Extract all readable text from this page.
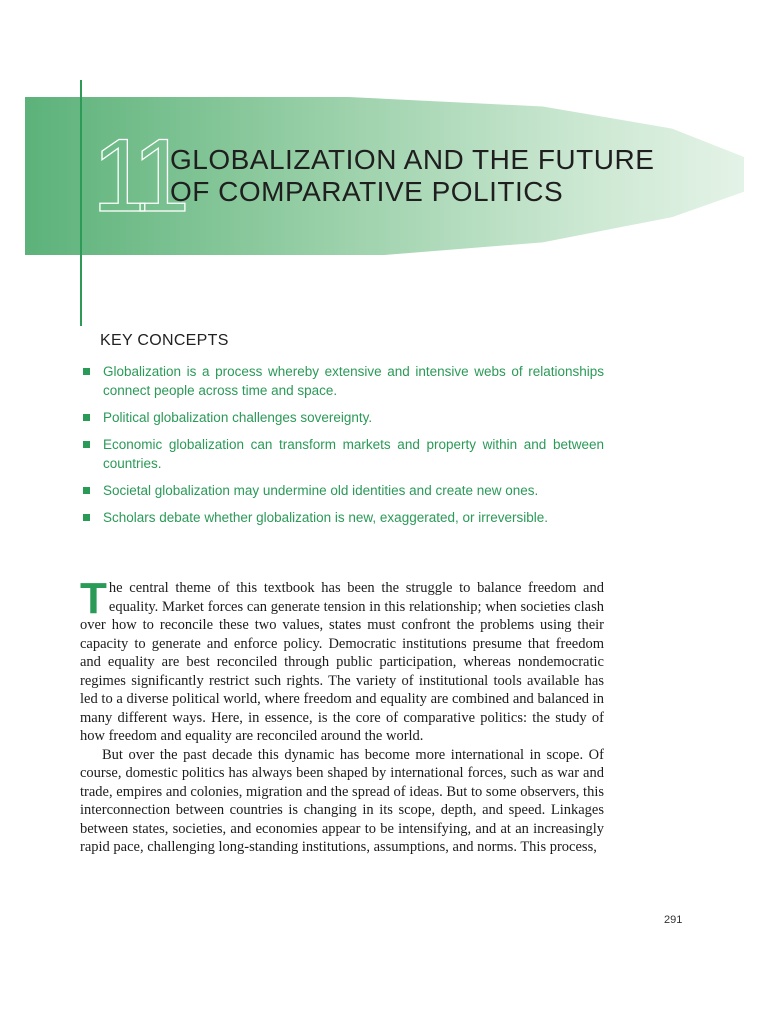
11
GLOBALIZATION AND THE FUTURE
OF COMPARATIVE POLITICS
KEY CONCEPTS
Globalization is a process whereby extensive and intensive webs of relationships connect people across time and space.
Political globalization challenges sovereignty.
Economic globalization can transform markets and property within and between countries.
Societal globalization may undermine old identities and create new ones.
Scholars debate whether globalization is new, exaggerated, or irreversible.

The central theme of this textbook has been the struggle to balance freedom and equality. Market forces can generate tension in this relationship; when societies clash over how to reconcile these two values, states must confront the problems using their capacity to generate and enforce policy. Democratic institutions presume that freedom and equality are best reconciled through public participation, whereas nondemocratic regimes significantly restrict such rights. The variety of institutional tools available has led to a diverse political world, where freedom and equality are combined and balanced in many different ways. Here, in essence, is the core of comparative politics: the study of how freedom and equality are reconciled around the world.

But over the past decade this dynamic has become more international in scope. Of course, domestic politics has always been shaped by international forces, such as war and trade, empires and colonies, migration and the spread of ideas. But to some observers, this interconnection between countries is changing in its scope, depth, and speed. Linkages between states, societies, and economies appear to be intensifying, and at an increasingly rapid pace, challenging long-standing institutions, assumptions, and norms. This process,

291
